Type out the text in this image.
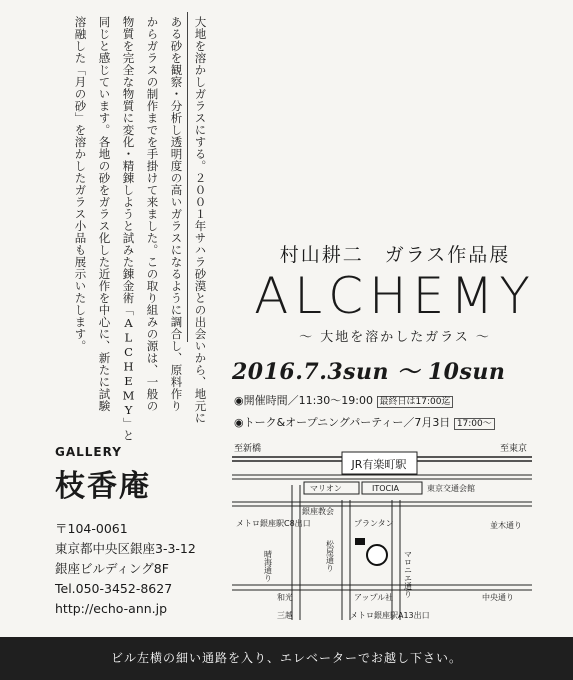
大地を溶かしガラスにする。２００１年サハラ砂漠との出会いから、地元に
ある砂を観察・分析し透明度の高いガラスになるように調合し、原料作り
からガラスの制作までを手掛けて来ました。この取り組みの源は、一般の
物質を完全な物質に変化・精錬しようと試みた錬金術「ALCHEMY」と
同じと感じています。各地の砂をガラス化した近作を中心に、新たに試験
溶融した「月の砂」を溶かしたガラス小品も展示いたします。	村山耕二　ガラス作品展
ALCHEMY
〜 大地を溶かしたガラス 〜
2016.7.3sun 〜 10sun
◉開催時間／11:30〜19:00 最終日は17:00迄
◉トーク&オープニングパーティー／7月3日 17:00〜
GALLERY
枝香庵
〒104-0061
東京都中央区銀座3-3-12
銀座ビルディング8F
Tel.050-3452-8627
http://echo-ann.jp
JR有楽町駅
至新橋	至東京
マリオン	ITOCIA	東京交通会館
銀座教会
メトロ銀座駅C8出口	プランタン	並木通り
晴海通り	松屋通り	マロニエ通り
和光	アップル社	中央通り
三越	メトロ銀座駅A13出口
ビル左横の細い通路を入り、エレベーターでお越し下さい。
